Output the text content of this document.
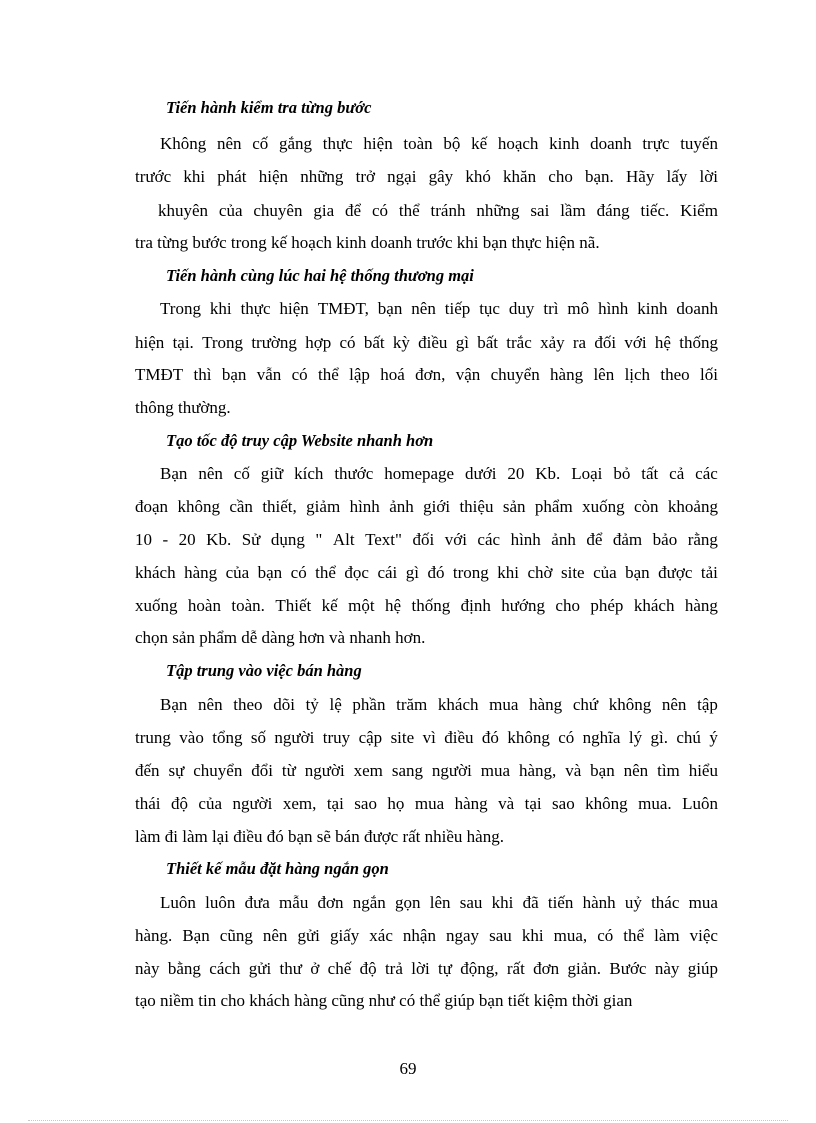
Tiến hành kiểm tra từng bước
Không nên cố gắng thực hiện toàn bộ kế hoạch kinh doanh trực tuyến
trước khi phát hiện những trở ngại gây khó khăn cho bạn. Hãy lấy lời
khuyên của chuyên gia để có thể tránh những sai lầm đáng tiếc. Kiểm
tra từng bước trong kế hoạch kinh doanh trước khi bạn thực hiện nã.
Tiến hành cùng lúc hai hệ thống thương mại
Trong khi thực hiện TMĐT, bạn nên tiếp tục duy trì mô hình kinh doanh
hiện tại. Trong trường hợp có bất kỳ điều gì bất trắc xảy ra đối với hệ thống
TMĐT thì bạn vẫn có thể lập hoá đơn, vận chuyển hàng lên lịch theo lối
thông thường.
Tạo tốc độ truy cập Website nhanh hơn
Bạn nên cố giữ kích thước homepage dưới 20 Kb. Loại bỏ tất cả các
đoạn không cần thiết, giảm hình ảnh giới thiệu sản phẩm xuống còn khoảng
10 - 20 Kb. Sử dụng " Alt Text" đối với các hình ảnh để đảm bảo rằng
khách hàng của bạn có thể đọc cái gì đó trong khi chờ site của bạn được tải
xuống hoàn toàn. Thiết kế một hệ thống định hướng cho phép khách hàng
chọn sản phẩm dễ dàng hơn và nhanh hơn.
Tập trung vào việc bán hàng
Bạn nên theo dõi tỷ lệ phần trăm khách mua hàng chứ không nên tập
trung vào tổng số người truy cập site vì điều đó không có nghĩa lý gì. chú ý
đến sự chuyển đổi từ người xem sang người mua hàng, và bạn nên tìm hiểu
thái độ của người xem, tại sao họ mua hàng và tại sao không mua. Luôn
làm đi làm lại điều đó bạn sẽ bán được rất nhiều hàng.
Thiết kế mẫu đặt hàng ngắn gọn
Luôn luôn đưa mẫu đơn ngắn gọn lên sau khi đã tiến hành uỷ thác mua
hàng. Bạn cũng nên gửi giấy xác nhận ngay sau khi mua, có thể làm việc
này bằng cách gửi thư ở chế độ trả lời tự động, rất đơn giản. Bước này giúp
tạo niềm tin cho khách hàng cũng như có thể giúp bạn tiết kiệm thời gian
69
